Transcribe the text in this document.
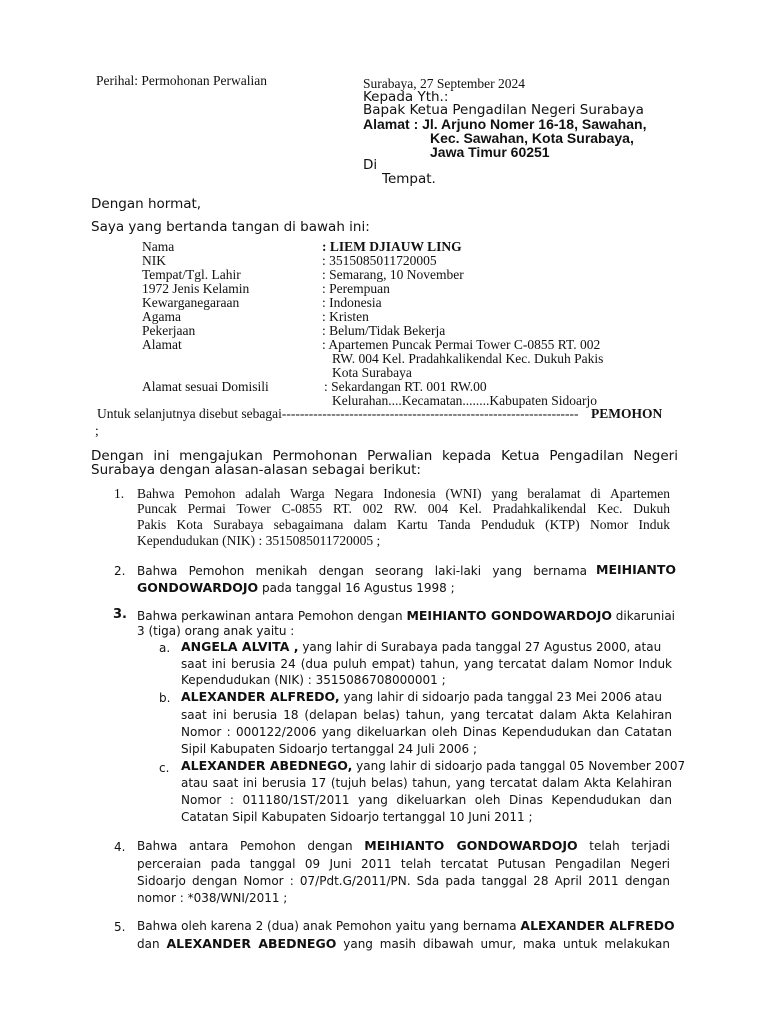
Perihal: Permohonan Perwalian	Surabaya, 27 September 2024
Kepada Yth.:
Bapak Ketua Pengadilan Negeri Surabaya
Alamat : Jl. Arjuno Nomer 16-18, Sawahan,
Kec. Sawahan, Kota Surabaya,
Jawa Timur 60251
Di
Tempat.
Dengan hormat,
Saya yang bertanda tangan di bawah ini:
Nama	: LIEM DJIAUW LING
NIK	: 3515085011720005
Tempat/Tgl. Lahir	: Semarang, 10 November
1972 Jenis Kelamin	: Perempuan
Kewarganegaraan	: Indonesia
Agama	: Kristen
Pekerjaan	: Belum/Tidak Bekerja
Alamat	: Apartemen Puncak Permai Tower C-0855 RT. 002
RW. 004 Kel. Pradahkalikendal Kec. Dukuh Pakis
Kota Surabaya
Alamat sesuai Domisili	: Sekardangan RT. 001 RW.00
Kelurahan....Kecamatan........Kabupaten Sidoarjo
Untuk selanjutnya disebut sebagai------------------------------------------------------------------ PEMOHON
;
Dengan ini mengajukan Permohonan Perwalian kepada Ketua Pengadilan Negeri
Surabaya dengan alasan-alasan sebagai berikut:
1. Bahwa Pemohon adalah Warga Negara Indonesia (WNI) yang beralamat di Apartemen
Puncak Permai Tower C-0855 RT. 002 RW. 004 Kel. Pradahkalikendal Kec. Dukuh
Pakis Kota Surabaya sebagaimana dalam Kartu Tanda Penduduk (KTP) Nomor Induk
Kependudukan (NIK) : 3515085011720005 ;
2. Bahwa Pemohon menikah dengan seorang laki-laki yang bernama MEIHIANTO
GONDOWARDOJO pada tanggal 16 Agustus 1998 ;
3. Bahwa perkawinan antara Pemohon dengan MEIHIANTO GONDOWARDOJO dikaruniai
3 (tiga) orang anak yaitu :
a. ANGELA ALVITA , yang lahir di Surabaya pada tanggal 27 Agustus 2000, atau
saat ini berusia 24 (dua puluh empat) tahun, yang tercatat dalam Nomor Induk
Kependudukan (NIK) : 3515086708000001 ;
b. ALEXANDER ALFREDO, yang lahir di sidoarjo pada tanggal 23 Mei 2006 atau
saat ini berusia 18 (delapan belas) tahun, yang tercatat dalam Akta Kelahiran
Nomor : 000122/2006 yang dikeluarkan oleh Dinas Kependudukan dan Catatan
Sipil Kabupaten Sidoarjo tertanggal 24 Juli 2006 ;
c. ALEXANDER ABEDNEGO, yang lahir di sidoarjo pada tanggal 05 November 2007
atau saat ini berusia 17 (tujuh belas) tahun, yang tercatat dalam Akta Kelahiran
Nomor : 011180/1ST/2011 yang dikeluarkan oleh Dinas Kependudukan dan
Catatan Sipil Kabupaten Sidoarjo tertanggal 10 Juni 2011 ;
4. Bahwa antara Pemohon dengan MEIHIANTO GONDOWARDOJO telah terjadi
perceraian pada tanggal 09 Juni 2011 telah tercatat Putusan Pengadilan Negeri
Sidoarjo dengan Nomor : 07/Pdt.G/2011/PN. Sda pada tanggal 28 April 2011 dengan
nomor : *038/WNI/2011 ;
5. Bahwa oleh karena 2 (dua) anak Pemohon yaitu yang bernama ALEXANDER ALFREDO
dan ALEXANDER ABEDNEGO yang masih dibawah umur, maka untuk melakukan
